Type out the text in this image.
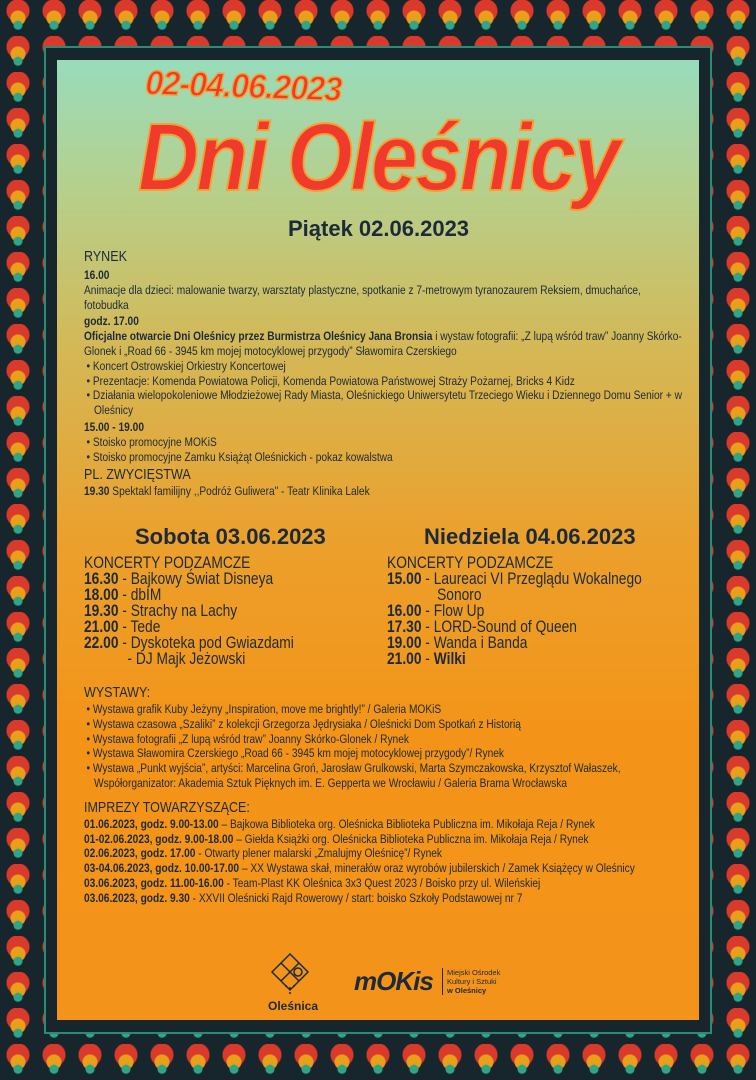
02-04.06.2023
Dni Oleśnicy
Piątek 02.06.2023
RYNEK
16.00
Animacje dla dzieci: malowanie twarzy, warsztaty plastyczne, spotkanie z 7-metrowym tyranozaurem Reksiem, dmuchańce, fotobudka
godz. 17.00
Oficjalne otwarcie Dni Oleśnicy przez Burmistrza Oleśnicy Jana Bronsia i wystaw fotografii: „Z lupą wśród traw” Joanny Skórko-Glonek i „Road 66 - 3945 km mojej motocyklowej przygody” Sławomira Czerskiego
• Koncert Ostrowskiej Orkiestry Koncertowej
• Prezentacje: Komenda Powiatowa Policji, Komenda Powiatowa Państwowej Straży Pożarnej, Bricks 4 Kidz
• Działania wielopokoleniowe Młodzieżowej Rady Miasta, Oleśnickiego Uniwersytetu Trzeciego Wieku i Dziennego Domu Senior + w Oleśnicy
15.00 - 19.00
• Stoisko promocyjne MOKiS
• Stoisko promocyjne Zamku Książąt Oleśnickich - pokaz kowalstwa
PL. ZWYCIĘSTWA
19.30 Spektakl familijny ,,Podróż Guliwera" - Teatr Klinika Lalek
Sobota 03.06.2023	Niedziela 04.06.2023
KONCERTY PODZAMCZE
16.30 - Bajkowy Świat Disneya
18.00 - dbIM
19.30 - Strachy na Lachy
21.00 - Tede
22.00 - Dyskoteka pod Gwiazdami
- DJ Majk Jeżowski
KONCERTY PODZAMCZE
15.00 - Laureaci VI Przeglądu Wokalnego
Sonoro
16.00 - Flow Up
17.30 - LORD-Sound of Queen
19.00 - Wanda i Banda
21.00 - Wilki
WYSTAWY:
• Wystawa grafik Kuby Jeżyny „Inspiration, move me brightly!” / Galeria MOKiS
• Wystawa czasowa „Szaliki” z kolekcji Grzegorza Jędrysiaka / Oleśnicki Dom Spotkań z Historią
• Wystawa fotografii „Z lupą wśród traw” Joanny Skórko-Glonek / Rynek
• Wystawa Sławomira Czerskiego „Road 66 - 3945 km mojej motocyklowej przygody”/ Rynek
• Wystawa „Punkt wyjścia”, artyści: Marcelina Groń, Jarosław Grulkowski, Marta Szymczakowska, Krzysztof Wałaszek, Współorganizator: Akademia Sztuk Pięknych im. E. Gepperta we Wrocławiu / Galeria Brama Wrocławska
IMPREZY TOWARZYSZĄCE:
01.06.2023, godz. 9.00-13.00 – Bajkowa Biblioteka org. Oleśnicka Biblioteka Publiczna im. Mikołaja Reja / Rynek
01-02.06.2023, godz. 9.00-18.00 – Giełda Książki org. Oleśnicka Biblioteka Publiczna im. Mikołaja Reja / Rynek
02.06.2023, godz. 17.00 - Otwarty plener malarski „Zmalujmy Oleśnicę”/ Rynek
03-04.06.2023, godz. 10.00-17.00 – XX Wystawa skał, minerałów oraz wyrobów jubilerskich / Zamek Książęcy w Oleśnicy
03.06.2023, godz. 11.00-16.00 - Team-Plast KK Oleśnica 3x3 Quest 2023 / Boisko przy ul. Wileńskiej
03.06.2023, godz. 9.30 - XXVII Oleśnicki Rajd Rowerowy / start: boisko Szkoły Podstawowej nr 7
Oleśnica
mOKis Miejski Ośrodek
Kultury i Sztuki
w Oleśnicy
